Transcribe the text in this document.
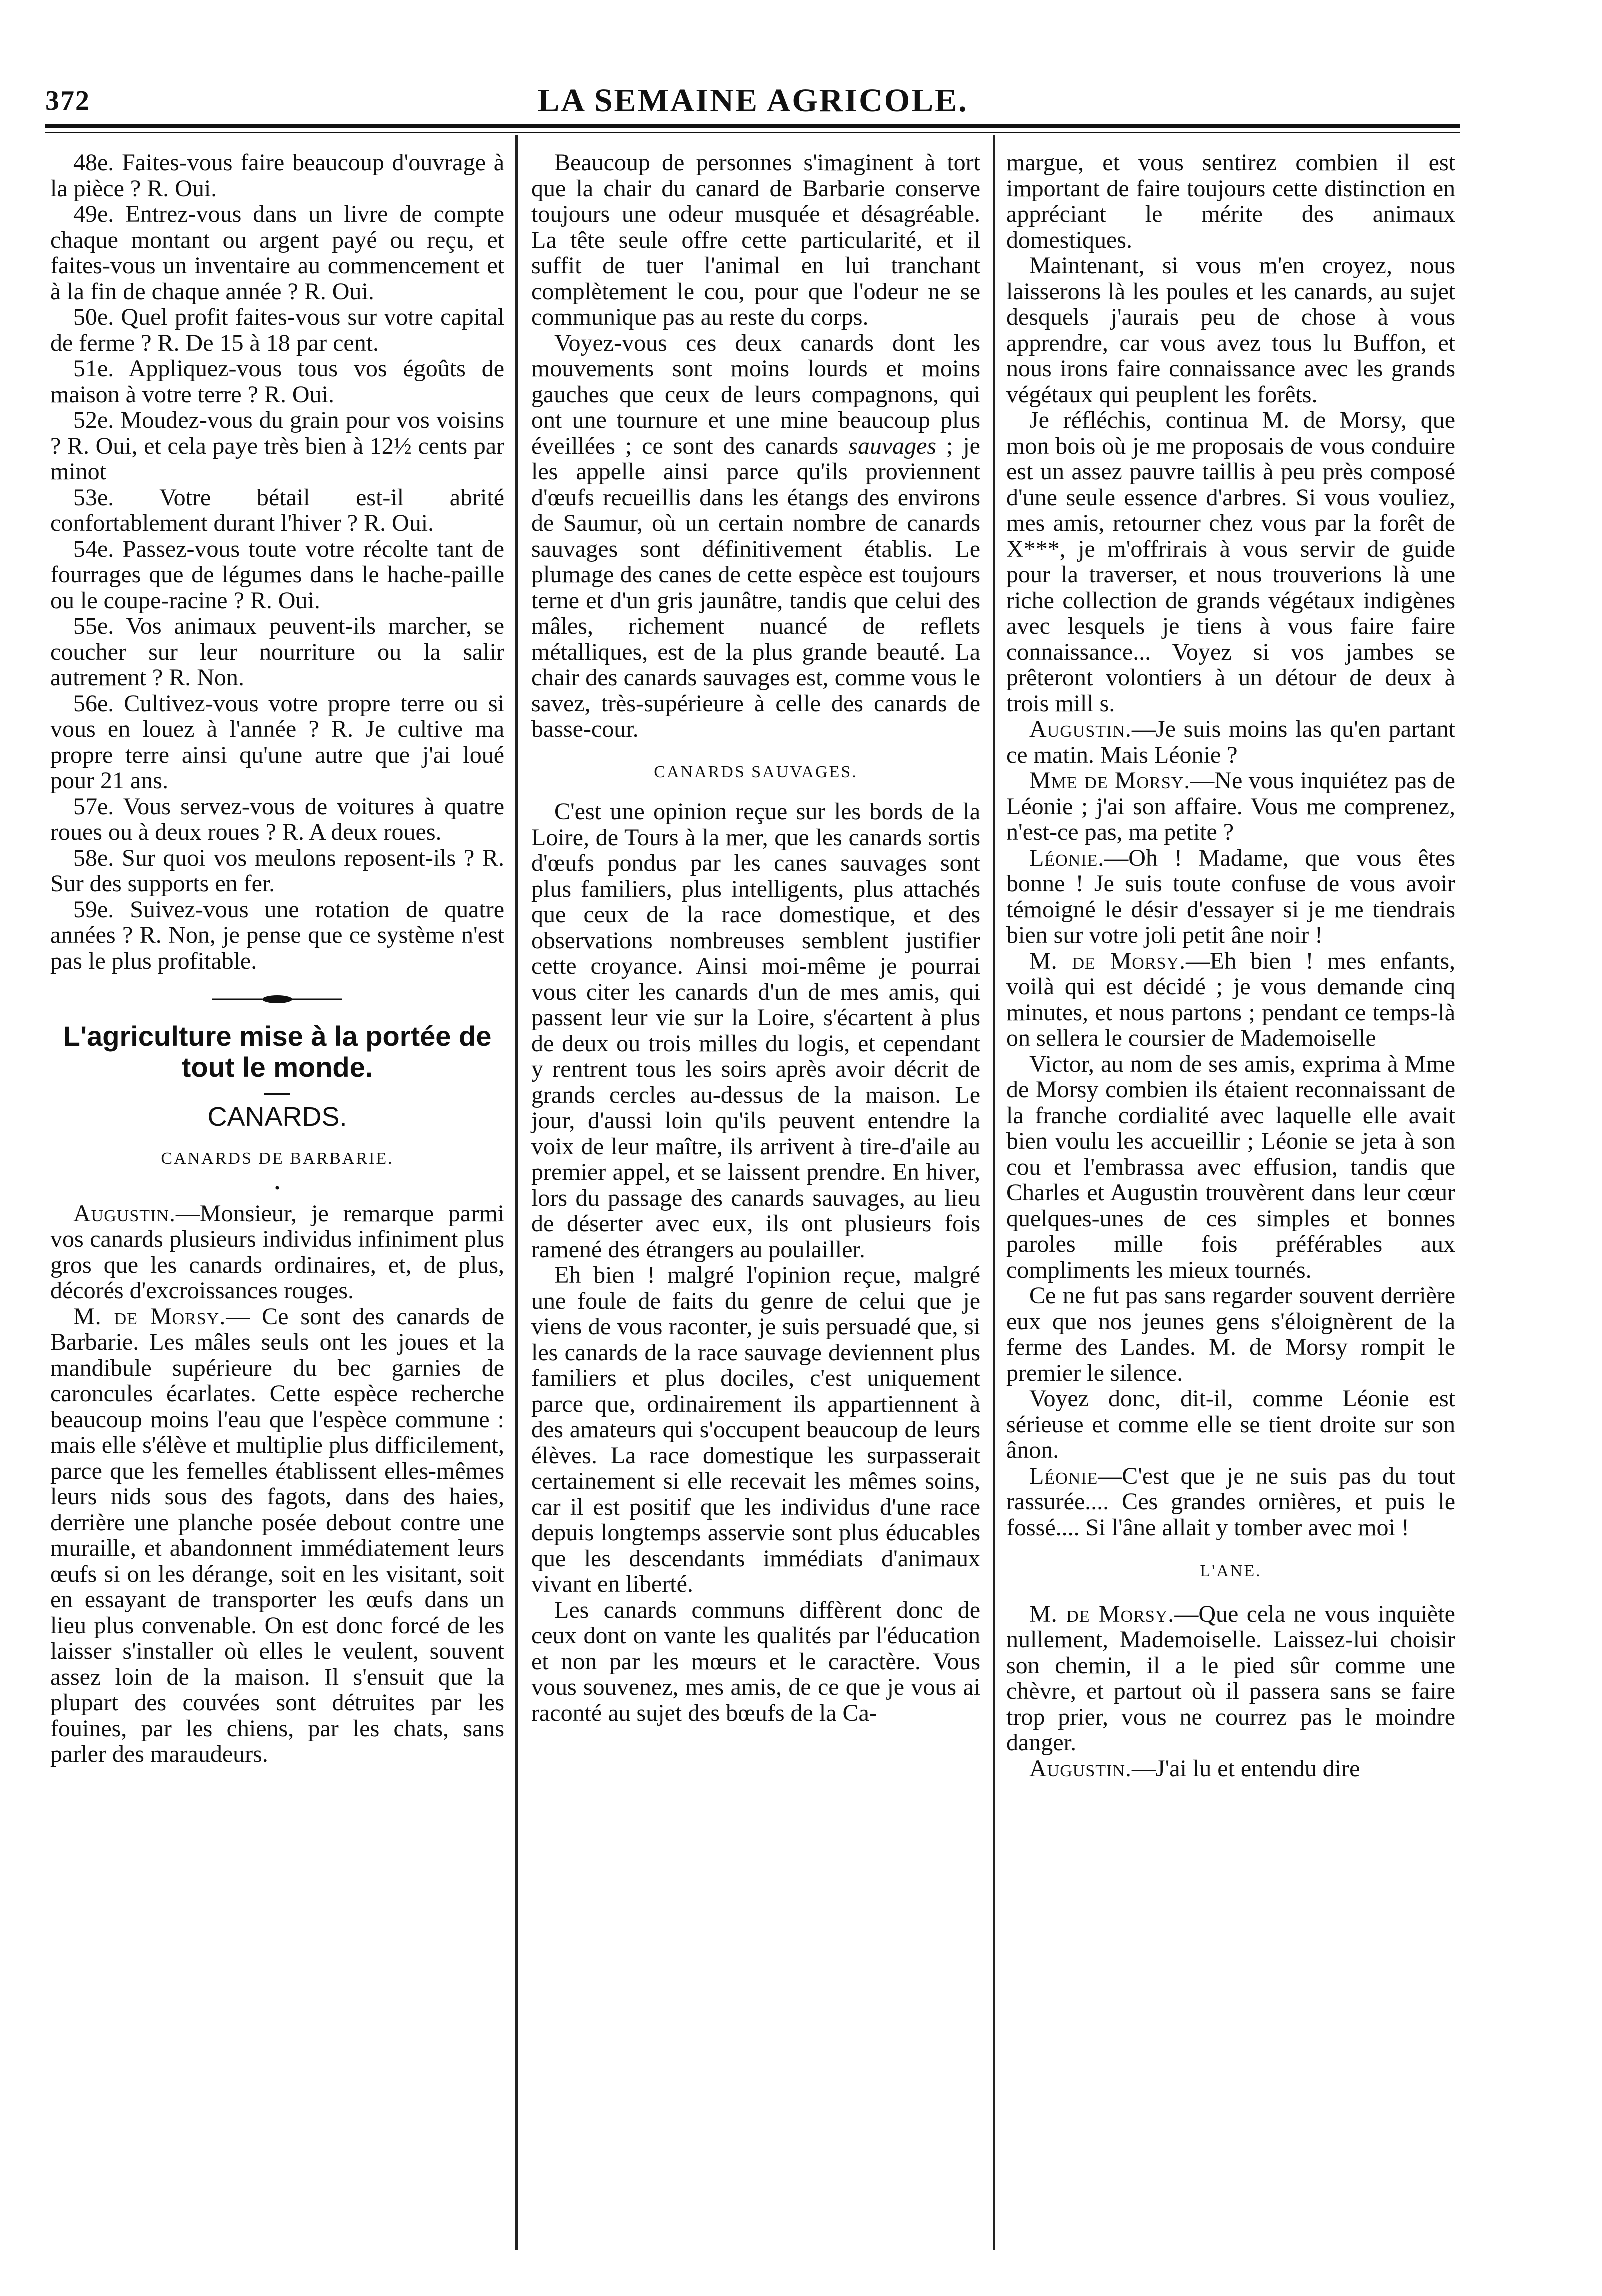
372	LA SEMAINE AGRICOLE.

48e. Faites-vous faire beaucoup d'ouvrage à la pièce ? R. Oui.

49e. Entrez-vous dans un livre de compte chaque montant ou argent payé ou reçu, et faites-vous un inventaire au commencement et à la fin de chaque année ? R. Oui.

50e. Quel profit faites-vous sur votre capital de ferme ? R. De 15 à 18 par cent.

51e. Appliquez-vous tous vos égoûts de maison à votre terre ? R. Oui.

52e. Moudez-vous du grain pour vos voisins ? R. Oui, et cela paye très bien à 12½ cents par minot

53e. Votre bétail est-il abrité confortablement durant l'hiver ? R. Oui.

54e. Passez-vous toute votre récolte tant de fourrages que de légumes dans le hache-paille ou le coupe-racine ? R. Oui.

55e. Vos animaux peuvent-ils marcher, se coucher sur leur nourriture ou la salir autrement ? R. Non.

56e. Cultivez-vous votre propre terre ou si vous en louez à l'année ? R. Je cultive ma propre terre ainsi qu'une autre que j'ai loué pour 21 ans.

57e. Vous servez-vous de voitures à quatre roues ou à deux roues ? R. A deux roues.

58e. Sur quoi vos meulons reposent-ils ? R. Sur des supports en fer.

59e. Suivez-vous une rotation de quatre années ? R. Non, je pense que ce système n'est pas le plus profitable.

L'agriculture mise à la portée de tout le monde.
CANARDS.
CANARDS DE BARBARIE.
•

Augustin.—Monsieur, je remarque parmi vos canards plusieurs individus infiniment plus gros que les canards ordinaires, et, de plus, décorés d'excroissances rouges.

M. de Morsy.— Ce sont des canards de Barbarie. Les mâles seuls ont les joues et la mandibule supérieure du bec garnies de caroncules écarlates. Cette espèce recherche beaucoup moins l'eau que l'espèce commune : mais elle s'élève et multiplie plus difficilement, parce que les femelles établissent elles-mêmes leurs nids sous des fagots, dans des haies, derrière une planche posée debout contre une muraille, et abandonnent immédiatement leurs œufs si on les dérange, soit en les visitant, soit en essayant de transporter les œufs dans un lieu plus convenable. On est donc forcé de les laisser s'installer où elles le veulent, souvent assez loin de la maison. Il s'ensuit que la plupart des couvées sont détruites par les fouines, par les chiens, par les chats, sans parler des maraudeurs.

Beaucoup de personnes s'imaginent à tort que la chair du canard de Barbarie conserve toujours une odeur musquée et désagréable. La tête seule offre cette particularité, et il suffit de tuer l'animal en lui tranchant complètement le cou, pour que l'odeur ne se communique pas au reste du corps.

Voyez-vous ces deux canards dont les mouvements sont moins lourds et moins gauches que ceux de leurs compagnons, qui ont une tournure et une mine beaucoup plus éveillées ; ce sont des canards sauvages ; je les appelle ainsi parce qu'ils proviennent d'œufs recueillis dans les étangs des environs de Saumur, où un certain nombre de canards sauvages sont définitivement établis. Le plumage des canes de cette espèce est toujours terne et d'un gris jaunâtre, tandis que celui des mâles, richement nuancé de reflets métalliques, est de la plus grande beauté. La chair des canards sauvages est, comme vous le savez, très-supérieure à celle des canards de basse-cour.

CANARDS SAUVAGES.

C'est une opinion reçue sur les bords de la Loire, de Tours à la mer, que les canards sortis d'œufs pondus par les canes sauvages sont plus familiers, plus intelligents, plus attachés que ceux de la race domestique, et des observations nombreuses semblent justifier cette croyance. Ainsi moi-même je pourrai vous citer les canards d'un de mes amis, qui passent leur vie sur la Loire, s'écartent à plus de deux ou trois milles du logis, et cependant y rentrent tous les soirs après avoir décrit de grands cercles au-dessus de la maison. Le jour, d'aussi loin qu'ils peuvent entendre la voix de leur maître, ils arrivent à tire-d'aile au premier appel, et se laissent prendre. En hiver, lors du passage des canards sauvages, au lieu de déserter avec eux, ils ont plusieurs fois ramené des étrangers au poulailler.

Eh bien ! malgré l'opinion reçue, malgré une foule de faits du genre de celui que je viens de vous raconter, je suis persuadé que, si les canards de la race sauvage deviennent plus familiers et plus dociles, c'est uniquement parce que, ordinairement ils appartiennent à des amateurs qui s'occupent beaucoup de leurs élèves. La race domestique les surpasserait certainement si elle recevait les mêmes soins, car il est positif que les individus d'une race depuis longtemps asservie sont plus éducables que les descendants immédiats d'animaux vivant en liberté.

Les canards communs diffèrent donc de ceux dont on vante les qualités par l'éducation et non par les mœurs et le caractère. Vous vous souvenez, mes amis, de ce que je vous ai raconté au sujet des bœufs de la Ca-

margue, et vous sentirez combien il est important de faire toujours cette distinction en appréciant le mérite des animaux domestiques.

Maintenant, si vous m'en croyez, nous laisserons là les poules et les canards, au sujet desquels j'aurais peu de chose à vous apprendre, car vous avez tous lu Buffon, et nous irons faire connaissance avec les grands végétaux qui peuplent les forêts.

Je réfléchis, continua M. de Morsy, que mon bois où je me proposais de vous conduire est un assez pauvre taillis à peu près composé d'une seule essence d'arbres. Si vous vouliez, mes amis, retourner chez vous par la forêt de X***, je m'offrirais à vous servir de guide pour la traverser, et nous trouverions là une riche collection de grands végétaux indigènes avec lesquels je tiens à vous faire faire connaissance... Voyez si vos jambes se prêteront volontiers à un détour de deux à trois mill s.

Augustin.—Je suis moins las qu'en partant ce matin. Mais Léonie ?

Mme de Morsy.—Ne vous inquiétez pas de Léonie ; j'ai son affaire. Vous me comprenez, n'est-ce pas, ma petite ?

Léonie.—Oh ! Madame, que vous êtes bonne ! Je suis toute confuse de vous avoir témoigné le désir d'essayer si je me tiendrais bien sur votre joli petit âne noir !

M. de Morsy.—Eh bien ! mes enfants, voilà qui est décidé ; je vous demande cinq minutes, et nous partons ; pendant ce temps-là on sellera le coursier de Mademoiselle

Victor, au nom de ses amis, exprima à Mme de Morsy combien ils étaient reconnaissant de la franche cordialité avec laquelle elle avait bien voulu les accueillir ; Léonie se jeta à son cou et l'embrassa avec effusion, tandis que Charles et Augustin trouvèrent dans leur cœur quelques-unes de ces simples et bonnes paroles mille fois préférables aux compliments les mieux tournés.

Ce ne fut pas sans regarder souvent derrière eux que nos jeunes gens s'éloignèrent de la ferme des Landes. M. de Morsy rompit le premier le silence.

Voyez donc, dit-il, comme Léonie est sérieuse et comme elle se tient droite sur son ânon.

Léonie—C'est que je ne suis pas du tout rassurée.... Ces grandes ornières, et puis le fossé.... Si l'âne allait y tomber avec moi !

L'ANE.

M. de Morsy.—Que cela ne vous inquiète nullement, Mademoiselle. Laissez-lui choisir son chemin, il a le pied sûr comme une chèvre, et partout où il passera sans se faire trop prier, vous ne courrez pas le moindre danger.

Augustin.—J'ai lu et entendu dire
